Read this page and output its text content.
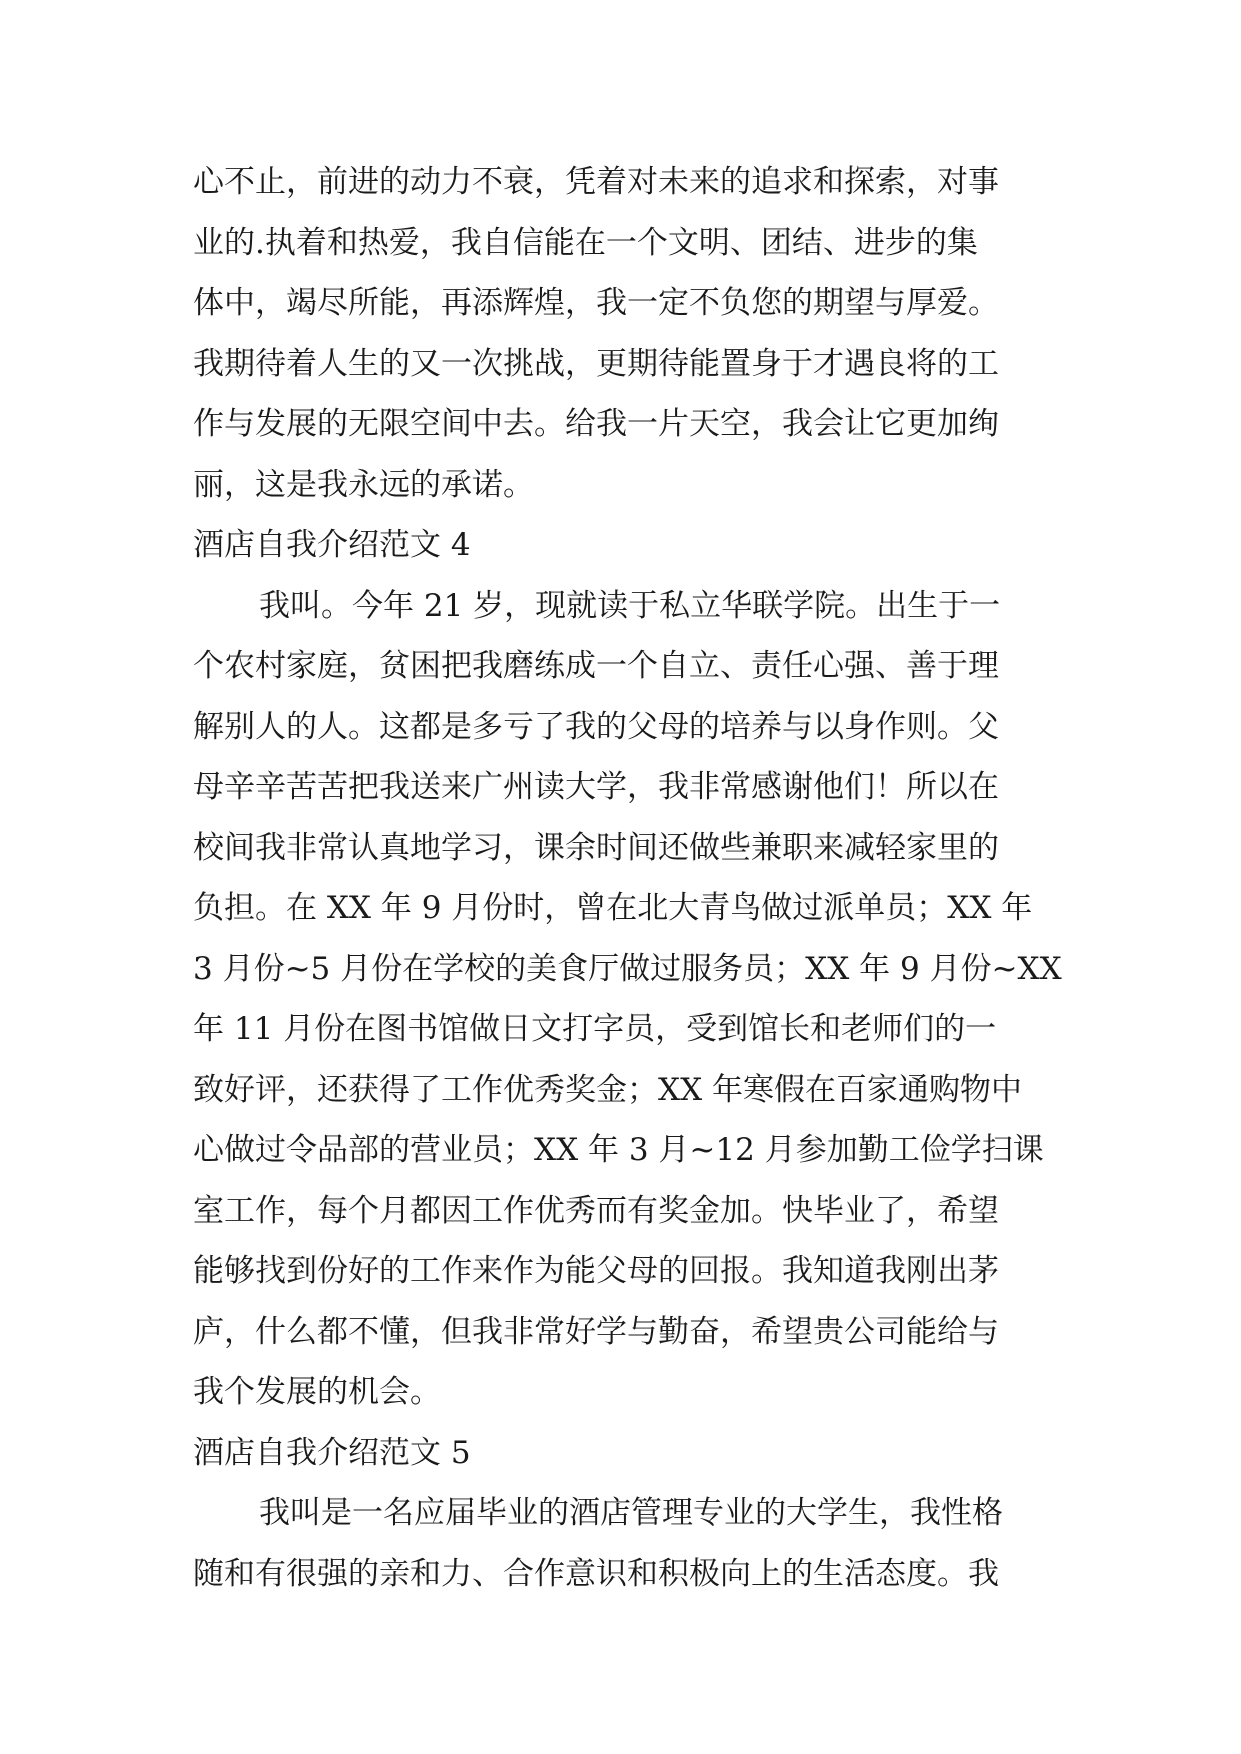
心不止，前进的动力不衰，凭着对未来的追求和探索，对事
业的.执着和热爱，我自信能在一个文明、团结、进步的集
体中，竭尽所能，再添辉煌，我一定不负您的期望与厚爱。
我期待着人生的又一次挑战，更期待能置身于才遇良将的工
作与发展的无限空间中去。给我一片天空，我会让它更加绚
丽，这是我永远的承诺。
酒店自我介绍范文 4
我叫。今年 21 岁，现就读于私立华联学院。出生于一
个农村家庭，贫困把我磨练成一个自立、责任心强、善于理
解别人的人。这都是多亏了我的父母的培养与以身作则。父
母辛辛苦苦把我送来广州读大学，我非常感谢他们！所以在
校间我非常认真地学习，课余时间还做些兼职来减轻家里的
负担。在 XX 年 9 月份时，曾在北大青鸟做过派单员；XX 年
3 月份~5 月份在学校的美食厅做过服务员；XX 年 9 月份~XX
年 11 月份在图书馆做日文打字员，受到馆长和老师们的一
致好评，还获得了工作优秀奖金；XX 年寒假在百家通购物中
心做过令品部的营业员；XX 年 3 月~12 月参加勤工俭学扫课
室工作，每个月都因工作优秀而有奖金加。快毕业了，希望
能够找到份好的工作来作为能父母的回报。我知道我刚出茅
庐，什么都不懂，但我非常好学与勤奋，希望贵公司能给与
我个发展的机会。
酒店自我介绍范文 5
我叫是一名应届毕业的酒店管理专业的大学生，我性格
随和有很强的亲和力、合作意识和积极向上的生活态度。我
